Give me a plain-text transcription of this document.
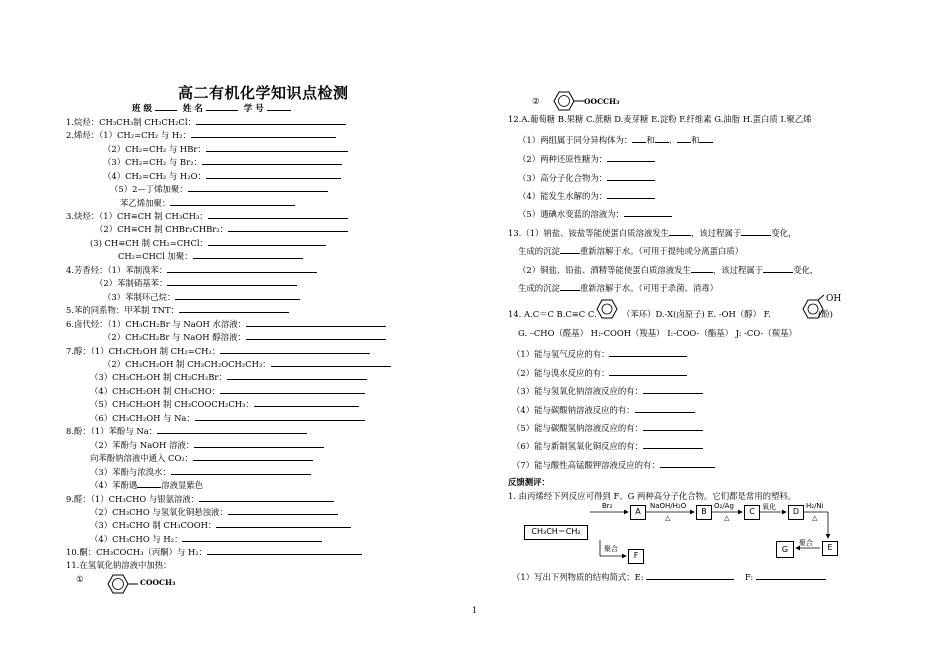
高二有机化学知识点检测
班 级	姓 名	学 号
1.烷烃：CH₃CH₃制 CH₃CH₂Cl：
2.烯烃：（1）CH₂=CH₂ 与 H₂：
（2）CH₂=CH₂ 与 HBr：
（3）CH₂=CH₂ 与 Br₂：
（4）CH₂=CH₂ 与 H₂O：
（5）2—丁烯加聚：
苯乙烯加聚：
3.炔烃：（1）CH≡CH 制 CH₃CH₃：
（2）CH≡CH 制 CHBr₂CHBr₂：
(3) CH≡CH 制 CH₂=CHCl：
CH₂=CHCl 加聚：
4.芳香烃：（1）苯制溴苯：
（2）苯制硝基苯：
（3）苯制环己烷：
5.苯的同系物：甲苯制 TNT：
6.卤代烃：（1）CH₃CH₂Br 与 NaOH 水溶液：
（2）CH₃CH₂Br 与 NaOH 醇溶液：
7.醇：（1）CH₃CH₂OH 制 CH₂=CH₂：
（2）CH₃CH₂OH 制 CH₃CH₂OCH₂CH₃：
（3）CH₃CH₂OH 制 CH₃CH₂Br：
（4）CH₃CH₂OH 制 CH₃CHO：
（5）CH₃CH₂OH 制 CH₃COOCH₂CH₃：
（6）CH₃CH₂OH 与 Na：
8.酚：（1）苯酚与 Na：
（2）苯酚与 NaOH 溶液：
向苯酚钠溶液中通入 CO₂：
（3）苯酚与浓溴水：
（4）苯酚遇	溶液显紫色
9.醛：（1）CH₃CHO 与银氨溶液：
（2）CH₃CHO 与氢氧化铜悬浊液：
（3）CH₃CHO 制 CH₃COOH：
（4）CH₃CHO 与 H₂：
10.酮：CH₃COCH₃（丙酮）与 H₂：
11.在氢氧化钠溶液中加热：
①	COOCH₃
②	OOCCH₃
12.A.葡萄糖 B.果糖 C.蔗糖 D.麦芽糖 E.淀粉 F.纤维素 G.油脂 H.蛋白质 I.聚乙烯
（1）两组属于同分异构体为： 和 、 和
（2）两种还原性糖为：
（3）高分子化合物为：
（4）能发生水解的为：
（5）遇碘水变蓝的溶液为：
13.（1）钠盐、铵盐等能使蛋白质溶液发生	，该过程属于	变化，
生成的沉淀 重新溶解于水。（可用于提纯或分离蛋白质）
（2）铜盐、铅盐、酒精等能使蛋白质溶液发生	，该过程属于	变化，
生成的沉淀 重新溶解于水。（可用于杀菌、消毒）
14. A.C＝C B.C≡C C.	（苯环）D.-X(卤原子) E. -OH（醇） F.
OH
(酚)
G. –CHO（醛基） H:-COOH（羧基） I:-COO-（酯基） J: -CO-（羰基）
（1）能与氢气反应的有：
（2）能与溴水反应的有：
（3）能与氢氧化钠溶液反应的有：
（4）能与碳酸钠溶液反应的有：
（5）能与碳酸氢钠溶液反应的有：
（6）能与新制氢氧化铜反应的有：
（7）能与酸性高锰酸钾溶液反应的有：
反馈测评：
1. 由丙烯经下列反应可得到 F、G 两种高分子化合物。它们都是常用的塑料。
CH₃CH＝CH₂
A	B	C	D
E
G
F
Br₂	NaOH/H₂O
△
O₂/Ag
△
氧化	H₂/Ni
△
聚合
聚合
（1）写出下列物质的结构简式：E:	F:
1
